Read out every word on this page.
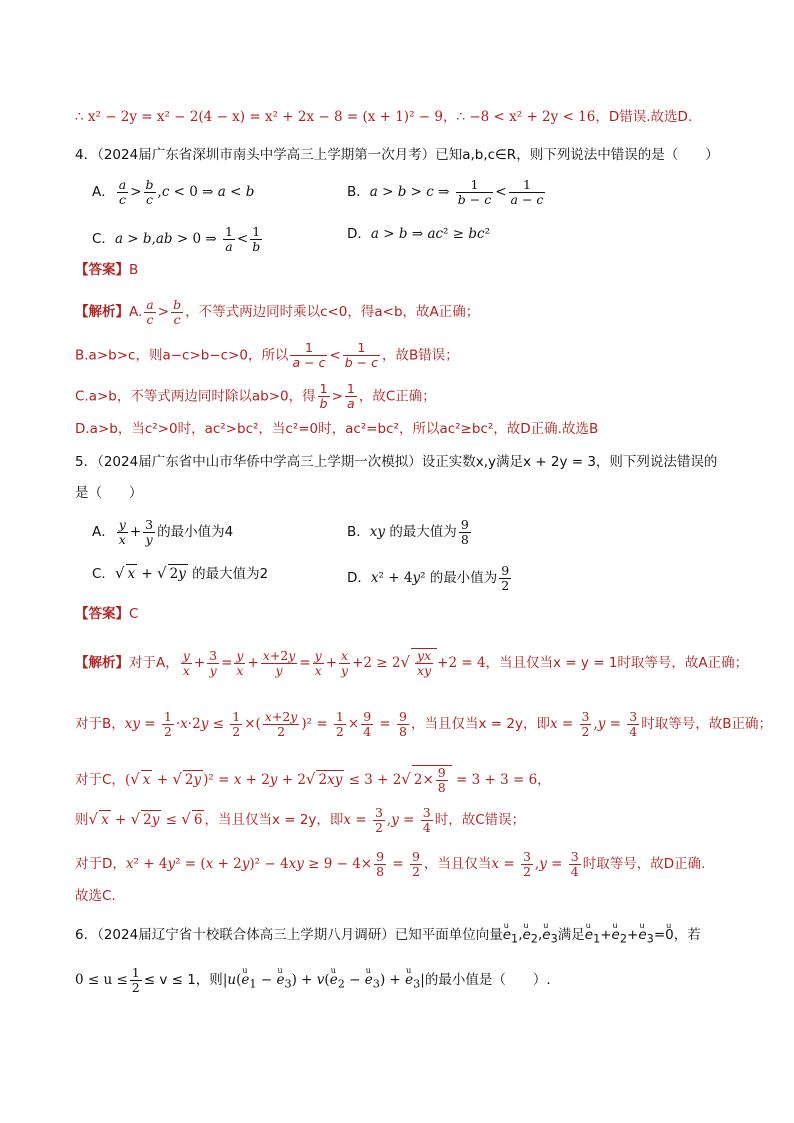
∴ x² − 2y = x² − 2(4 − x) = x² + 2x − 8 = (x + 1)² − 9，∴ −8 < x² + 2y < 16，D错误.故选D.
4．（2024届广东省深圳市南头中学高三上学期第一次月考）已知a,b,c∈R，则下列说法中错误的是（　　）
A． $\frac{a}{c} > \frac{b}{c} ,c < 0$ ⇒ a < b	B．a > b > c ⇒ $\frac{1}{b - c} < \frac{1}{a - c}$
C．a > b,ab > 0 ⇒ $\frac{1}{a} < \frac{1}{b}$	D．a > b ⇒ ac² ≥ bc²
【答案】B
【解析】A. $\frac{a}{c} > \frac{b}{c}$ ，不等式两边同时乘以c<0，得a<b，故A正确；
B.a>b>c，则a−c>b−c>0，所以 $\frac{1}{a - c} < \frac{1}{b - c}$ ，故B错误；
C.a>b，不等式两边同时除以ab>0，得 $\frac{1}{b} > \frac{1}{a}$ ，故C正确；
D.a>b，当c²>0时，ac²>bc²，当c²=0时，ac²=bc²，所以ac²≥bc²，故D正确.故选B
5．（2024届广东省中山市华侨中学高三上学期一次模拟）设正实数x,y满足x + 2y = 3，则下列说法错误的
是（　　）
A． $\frac{y}{x} + \frac{3}{y}$ 的最小值为4	B．xy 的最大值为 $\frac{9}{8}$
C．√ x + √ 2y 的最大值为2	D．x² + 4y² 的最小值为 $\frac{9}{2}$
【答案】C
【解析】对于A， $\frac{y}{x} + \frac{3}{y} = \frac{y}{x} + \frac{x+2y}{y} = \frac{y}{x} + \frac{x}{y} +2 \ge 2√ \frac{yx}{xy} +2 = 4$，当且仅当x = y = 1时取等号，故A正确；
对于B，xy = $\frac{1}{2} \cdot x\cdot 2y \le \frac{1}{2}$ ×( $\frac{x+2y}{2} )^2 = \frac{1}{2} \times \frac{9}{4} = \frac{9}{8}$ ，当且仅当x = 2y，即$x = \frac{3}{2} ,y = \frac{3}{4}$ 时取等号，故B正确；
对于C，(√ x + √ 2y )² = x + 2y + 2√ 2xy ≤ 3 + 2√ $2\times \frac{9}{8} = 3 + 3 = 6$，
则√ x + √ 2y ≤ √ 6 ，当且仅当x = 2y，即$x = \frac{3}{2} ,y = \frac{3}{4}$ 时，故C错误；
对于D，$x^2 + 4y^2 = (x + 2y)^2 - 4xy \ge 9 - 4\times \frac{9}{8} = \frac{9}{2}$ ，当且仅当$x = \frac{3}{2} ,y = \frac{3}{4}$ 时取等号，故D正确.
故选C.
6．（2024届辽宁省十校联合体高三上学期八月调研）已知平面单位向量u $e_1,u$ $e_2,u$ $e_3$满足u $e_1+u$ $e_2+u$ $e_3=u$ 0，若
$0 \le u \le \frac{1}{2} \le v \le 1$，则|u(u $e_1 - u$ $e_3) + v(u$ $e_2 - u$ $e_3) + u$ $e_3|$的最小值是（　　）.
